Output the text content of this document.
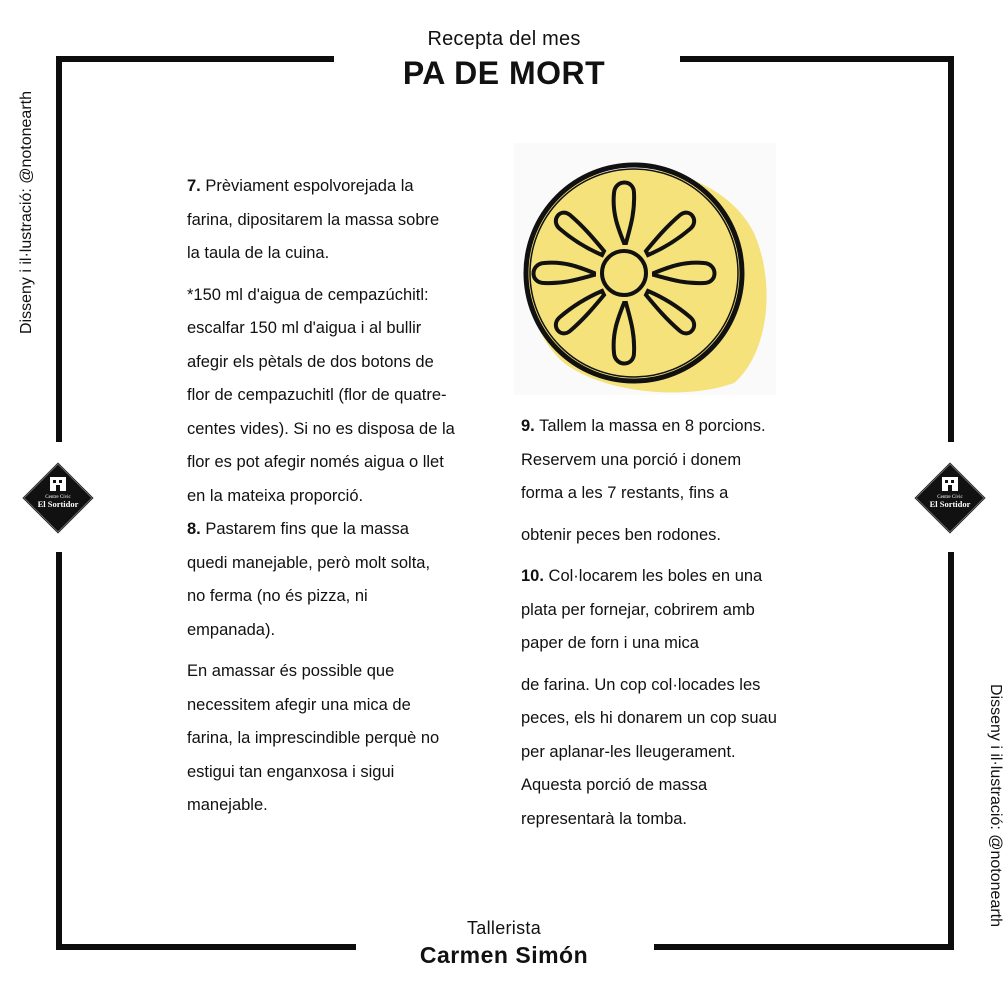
Recepta del mes
PA DE MORT
Disseny i il·lustració: @notonearth
Disseny i il·lustració: @notonearth
Centre Cívic
El Sortidor
Centre Cívic
El Sortidor

7. Prèviament espolvorejada la

farina, dipositarem la massa sobre

la taula de la cuina.

*150 ml d'aigua de cempazúchitl:

escalfar 150 ml d'aigua i al bullir

afegir els pètals de dos botons de

flor de cempazuchitl (flor de quatre-

centes vides). Si no es disposa de la

flor es pot afegir només aigua o llet

en la mateixa proporció.

8. Pastarem fins que la massa

quedi manejable, però molt solta,

no ferma (no és pizza, ni

empanada).

En amassar és possible que

necessitem afegir una mica de

farina, la imprescindible perquè no

estigui tan enganxosa i sigui

manejable.

9. Tallem la massa en 8 porcions.

Reservem una porció i donem

forma a les 7 restants, fins a

obtenir peces ben rodones.

10. Col·locarem les boles en una

plata per fornejar, cobrirem amb

paper de forn i una mica

de farina. Un cop col·locades les

peces, els hi donarem un cop suau

per aplanar-les lleugerament.

Aquesta porció de massa

representarà la tomba.

Tallerista
Carmen Simón
